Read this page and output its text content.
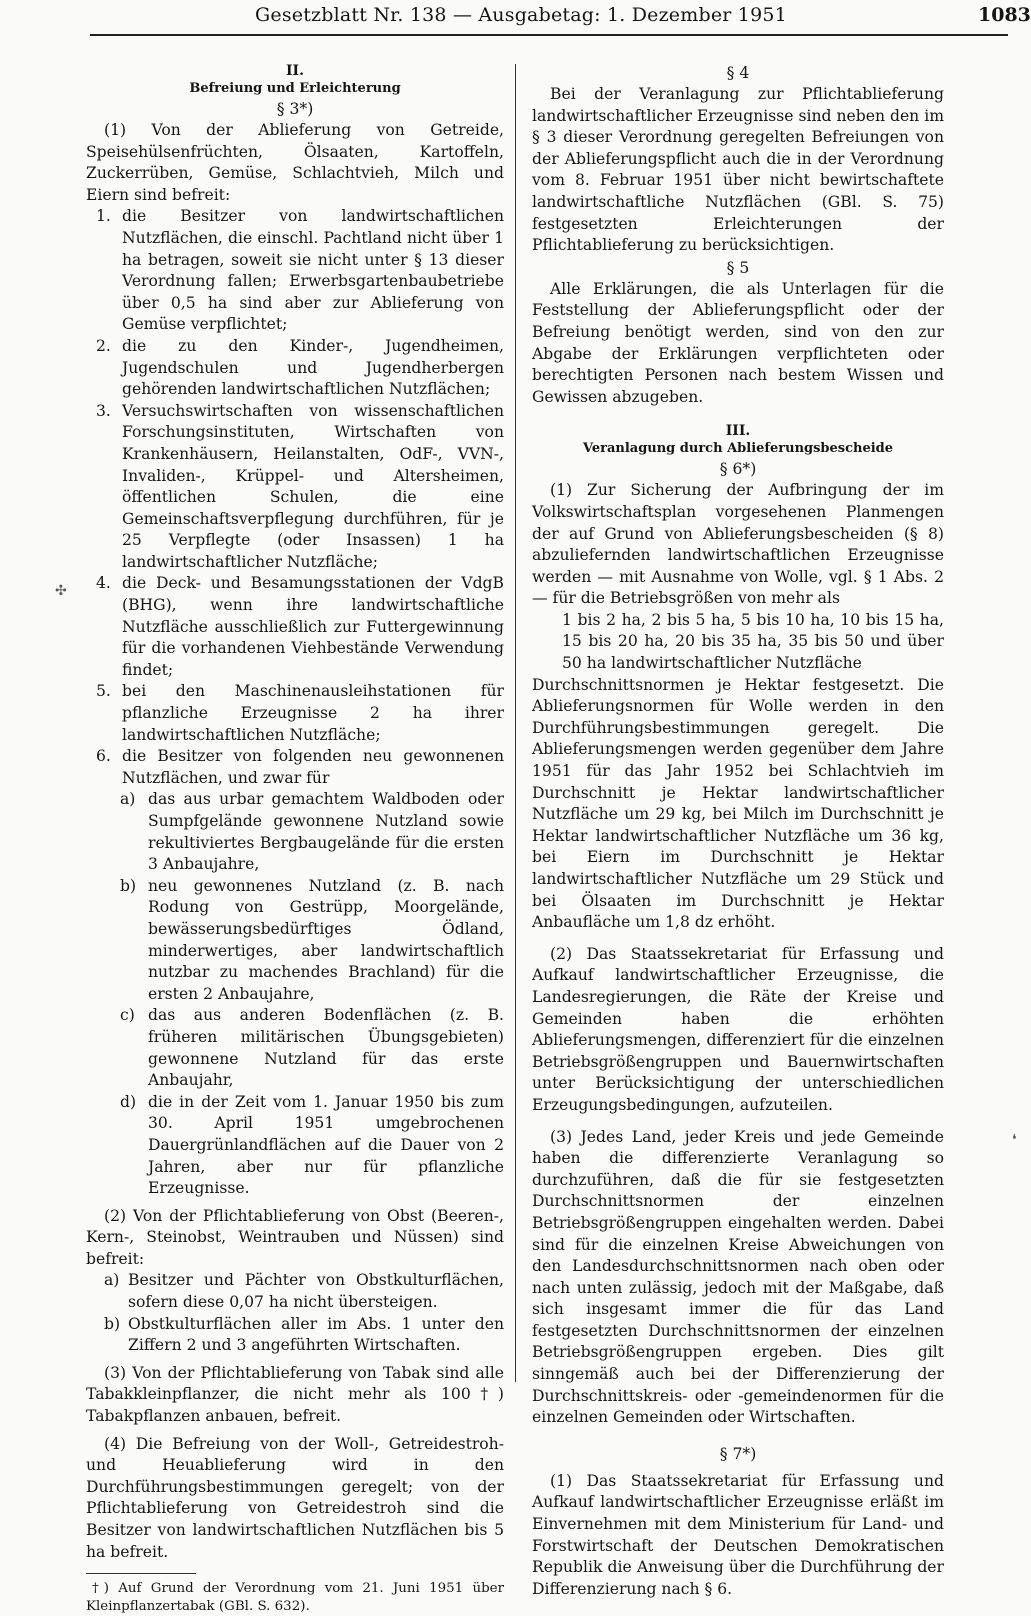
Gesetzblatt Nr. 138 — Ausgabetag: 1. Dezember 1951	1083
✣
❛
II.
Befreiung und Erleichterung
§ 3*)

(1) Von der Ablieferung von Getreide, Speisehülsenfrüchten, Ölsaaten, Kartoffeln, Zuckerrüben, Gemüse, Schlachtvieh, Milch und Eiern sind befreit:

1. die Besitzer von landwirtschaftlichen Nutzflächen, die einschl. Pachtland nicht über 1 ha betragen, soweit sie nicht unter § 13 dieser Verordnung fallen; Erwerbsgartenbaubetriebe über 0,5 ha sind aber zur Ablieferung von Gemüse verpflichtet;
2. die zu den Kinder-, Jugendheimen, Jugendschulen und Jugendherbergen gehörenden landwirtschaftlichen Nutzflächen;
3. Versuchswirtschaften von wissenschaftlichen Forschungsinstituten, Wirtschaften von Krankenhäusern, Heilanstalten, OdF-, VVN-, Invaliden-, Krüppel- und Altersheimen, öffentlichen Schulen, die eine Gemeinschaftsverpflegung durchführen, für je 25 Verpflegte (oder Insassen) 1 ha landwirtschaftlicher Nutzfläche;
4. die Deck- und Besamungsstationen der VdgB (BHG), wenn ihre landwirtschaftliche Nutzfläche ausschließlich zur Futtergewinnung für die vorhandenen Viehbestände Verwendung findet;
5. bei den Maschinenausleihstationen für pflanzliche Erzeugnisse 2 ha ihrer landwirtschaftlichen Nutzfläche;
6. die Besitzer von folgenden neu gewonnenen Nutzflächen, und zwar für
a) das aus urbar gemachtem Waldboden oder Sumpfgelände gewonnene Nutzland sowie rekultiviertes Bergbaugelände für die ersten 3 Anbaujahre,
b) neu gewonnenes Nutzland (z. B. nach Rodung von Gestrüpp, Moorgelände, bewässerungsbedürftiges Ödland, minderwertiges, aber landwirtschaftlich nutzbar zu machendes Brachland) für die ersten 2 Anbaujahre,
c) das aus anderen Bodenflächen (z. B. früheren militärischen Übungsgebieten) gewonnene Nutzland für das erste Anbaujahr,
d) die in der Zeit vom 1. Januar 1950 bis zum 30. April 1951 umgebrochenen Dauergrünlandflächen auf die Dauer von 2 Jahren, aber nur für pflanzliche Erzeugnisse.

(2) Von der Pflichtablieferung von Obst (Beeren-, Kern-, Steinobst, Weintrauben und Nüssen) sind befreit:

a) Besitzer und Pächter von Obstkulturflächen, sofern diese 0,07 ha nicht übersteigen.
b) Obstkulturflächen aller im Abs. 1 unter den Ziffern 2 und 3 angeführten Wirtschaften.

(3) Von der Pflichtablieferung von Tabak sind alle Tabakkleinpflanzer, die nicht mehr als 100†) Tabakpflanzen anbauen, befreit.

(4) Die Befreiung von der Woll-, Getreidestroh- und Heuablieferung wird in den Durchführungsbestimmungen geregelt; von der Pflichtablieferung von Getreidestroh sind die Besitzer von landwirtschaftlichen Nutzflächen bis 5 ha befreit.

†) Auf Grund der Verordnung vom 21. Juni 1951 über Kleinpflanzertabak (GBl. S. 632).
§ 4

Bei der Veranlagung zur Pflichtablieferung landwirtschaftlicher Erzeugnisse sind neben den im § 3 dieser Verordnung geregelten Befreiungen von der Ablieferungspflicht auch die in der Verordnung vom 8. Februar 1951 über nicht bewirtschaftete landwirtschaftliche Nutzflächen (GBl. S. 75) festgesetzten Erleichterungen der Pflichtablieferung zu berücksichtigen.

§ 5

Alle Erklärungen, die als Unterlagen für die Feststellung der Ablieferungspflicht oder der Befreiung benötigt werden, sind von den zur Abgabe der Erklärungen verpflichteten oder berechtigten Personen nach bestem Wissen und Gewissen abzugeben.

III.
Veranlagung durch Ablieferungsbescheide
§ 6*)

(1) Zur Sicherung der Aufbringung der im Volkswirtschaftsplan vorgesehenen Planmengen der auf Grund von Ablieferungsbescheiden (§ 8) abzuliefernden landwirtschaftlichen Erzeugnisse werden — mit Ausnahme von Wolle, vgl. § 1 Abs. 2 — für die Betriebsgrößen von mehr als

1 bis 2 ha, 2 bis 5 ha, 5 bis 10 ha, 10 bis 15 ha, 15 bis 20 ha, 20 bis 35 ha, 35 bis 50 und über 50 ha landwirtschaftlicher Nutzfläche

Durchschnittsnormen je Hektar festgesetzt. Die Ablieferungsnormen für Wolle werden in den Durchführungsbestimmungen geregelt. Die Ablieferungsmengen werden gegenüber dem Jahre 1951 für das Jahr 1952 bei Schlachtvieh im Durchschnitt je Hektar landwirtschaftlicher Nutzfläche um 29 kg, bei Milch im Durchschnitt je Hektar landwirtschaftlicher Nutzfläche um 36 kg, bei Eiern im Durchschnitt je Hektar landwirtschaftlicher Nutzfläche um 29 Stück und bei Ölsaaten im Durchschnitt je Hektar Anbaufläche um 1,8 dz erhöht.

(2) Das Staatssekretariat für Erfassung und Aufkauf landwirtschaftlicher Erzeugnisse, die Landesregierungen, die Räte der Kreise und Gemeinden haben die erhöhten Ablieferungsmengen, differenziert für die einzelnen Betriebsgrößengruppen und Bauernwirtschaften unter Berücksichtigung der unterschiedlichen Erzeugungsbedingungen, aufzuteilen.

(3) Jedes Land, jeder Kreis und jede Gemeinde haben die differenzierte Veranlagung so durchzuführen, daß die für sie festgesetzten Durchschnittsnormen der einzelnen Betriebsgrößengruppen eingehalten werden. Dabei sind für die einzelnen Kreise Abweichungen von den Landesdurchschnittsnormen nach oben oder nach unten zulässig, jedoch mit der Maßgabe, daß sich insgesamt immer die für das Land festgesetzten Durchschnittsnormen der einzelnen Betriebsgrößengruppen ergeben. Dies gilt sinngemäß auch bei der Differenzierung der Durchschnittskreis- oder -gemeindenormen für die einzelnen Gemeinden oder Wirtschaften.

§ 7*)

(1) Das Staatssekretariat für Erfassung und Aufkauf landwirtschaftlicher Erzeugnisse erläßt im Einvernehmen mit dem Ministerium für Land- und Forstwirtschaft der Deutschen Demokratischen Republik die Anweisung über die Durchführung der Differenzierung nach § 6.
